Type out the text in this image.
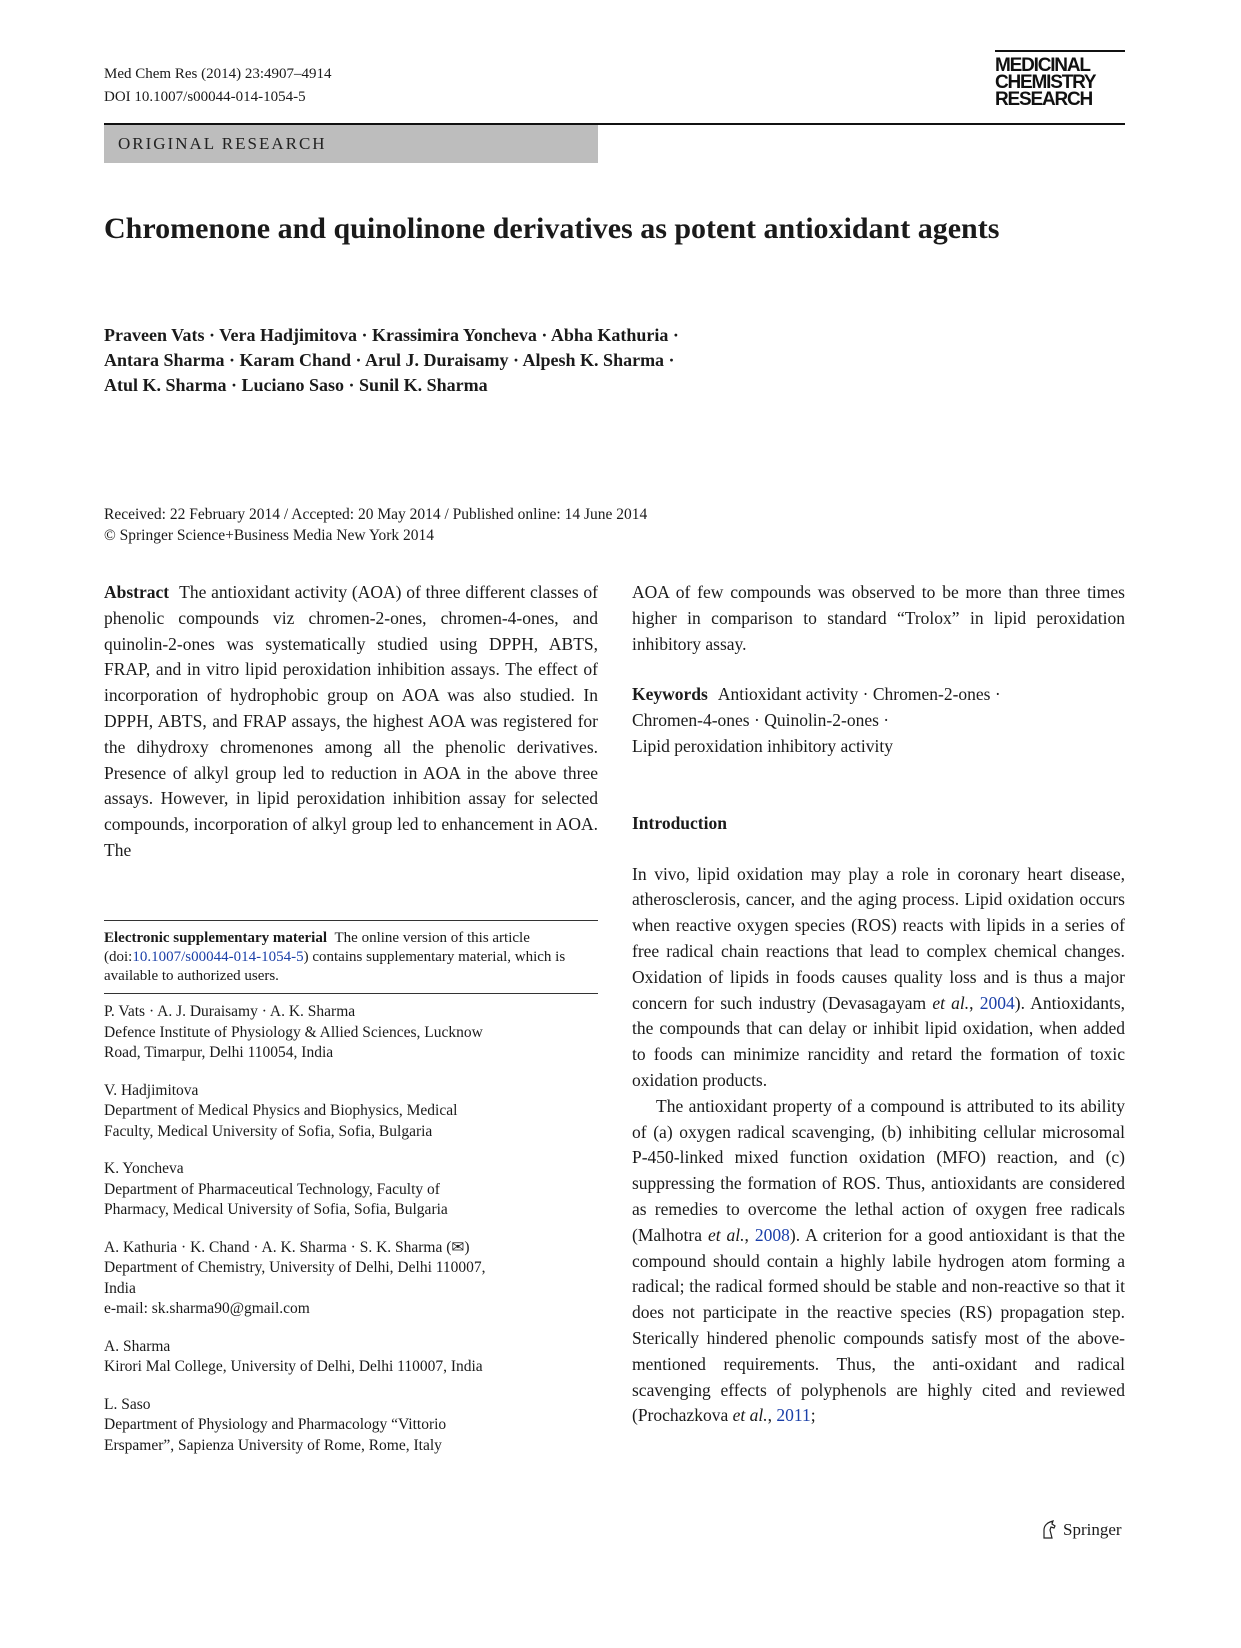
Med Chem Res (2014) 23:4907–4914
DOI 10.1007/s00044-014-1054-5
MEDICINAL
CHEMISTRY
RESEARCH
ORIGINAL RESEARCH
Chromenone and quinolinone derivatives as potent antioxidant agents
Praveen Vats · Vera Hadjimitova · Krassimira Yoncheva · Abha Kathuria ·
Antara Sharma · Karam Chand · Arul J. Duraisamy · Alpesh K. Sharma ·
Atul K. Sharma · Luciano Saso · Sunil K. Sharma
Received: 22 February 2014 / Accepted: 20 May 2014 / Published online: 14 June 2014
© Springer Science+Business Media New York 2014

Abstract The antioxidant activity (AOA) of three different classes of phenolic compounds viz chromen-2-ones, chromen-4-ones, and quinolin-2-ones was systematically studied using DPPH, ABTS, FRAP, and in vitro lipid peroxidation inhibition assays. The effect of incorporation of hydrophobic group on AOA was also studied. In DPPH, ABTS, and FRAP assays, the highest AOA was registered for the dihydroxy chromenones among all the phenolic derivatives. Presence of alkyl group led to reduction in AOA in the above three assays. However, in lipid peroxidation inhibition assay for selected compounds, incorporation of alkyl group led to enhancement in AOA. The

Electronic supplementary material The online version of this article (doi:10.1007/s00044-014-1054-5) contains supplementary material, which is available to authorized users.
P. Vats · A. J. Duraisamy · A. K. Sharma
Defence Institute of Physiology & Allied Sciences, Lucknow
Road, Timarpur, Delhi 110054, India
V. Hadjimitova
Department of Medical Physics and Biophysics, Medical
Faculty, Medical University of Sofia, Sofia, Bulgaria
K. Yoncheva
Department of Pharmaceutical Technology, Faculty of
Pharmacy, Medical University of Sofia, Sofia, Bulgaria
A. Kathuria · K. Chand · A. K. Sharma · S. K. Sharma (✉)
Department of Chemistry, University of Delhi, Delhi 110007,
India
e-mail: sk.sharma90@gmail.com
A. Sharma
Kirori Mal College, University of Delhi, Delhi 110007, India
L. Saso
Department of Physiology and Pharmacology “Vittorio
Erspamer”, Sapienza University of Rome, Rome, Italy

AOA of few compounds was observed to be more than three times higher in comparison to standard “Trolox” in lipid peroxidation inhibitory assay.

Keywords Antioxidant activity · Chromen-2-ones ·
Chromen-4-ones · Quinolin-2-ones ·
Lipid peroxidation inhibitory activity
Introduction

In vivo, lipid oxidation may play a role in coronary heart disease, atherosclerosis, cancer, and the aging process. Lipid oxidation occurs when reactive oxygen species (ROS) reacts with lipids in a series of free radical chain reactions that lead to complex chemical changes. Oxidation of lipids in foods causes quality loss and is thus a major concern for such industry (Devasagayam et al., 2004). Antioxidants, the compounds that can delay or inhibit lipid oxidation, when added to foods can minimize rancidity and retard the formation of toxic oxidation products.

The antioxidant property of a compound is attributed to its ability of (a) oxygen radical scavenging, (b) inhibiting cellular microsomal P-450-linked mixed function oxidation (MFO) reaction, and (c) suppressing the formation of ROS. Thus, antioxidants are considered as remedies to overcome the lethal action of oxygen free radicals (Malhotra et al., 2008). A criterion for a good antioxidant is that the compound should contain a highly labile hydrogen atom forming a radical; the radical formed should be stable and non-reactive so that it does not participate in the reactive species (RS) propagation step. Sterically hindered phenolic compounds satisfy most of the above-mentioned requirements. Thus, the anti-oxidant and radical scavenging effects of polyphenols are highly cited and reviewed (Prochazkova et al., 2011;

Springer
